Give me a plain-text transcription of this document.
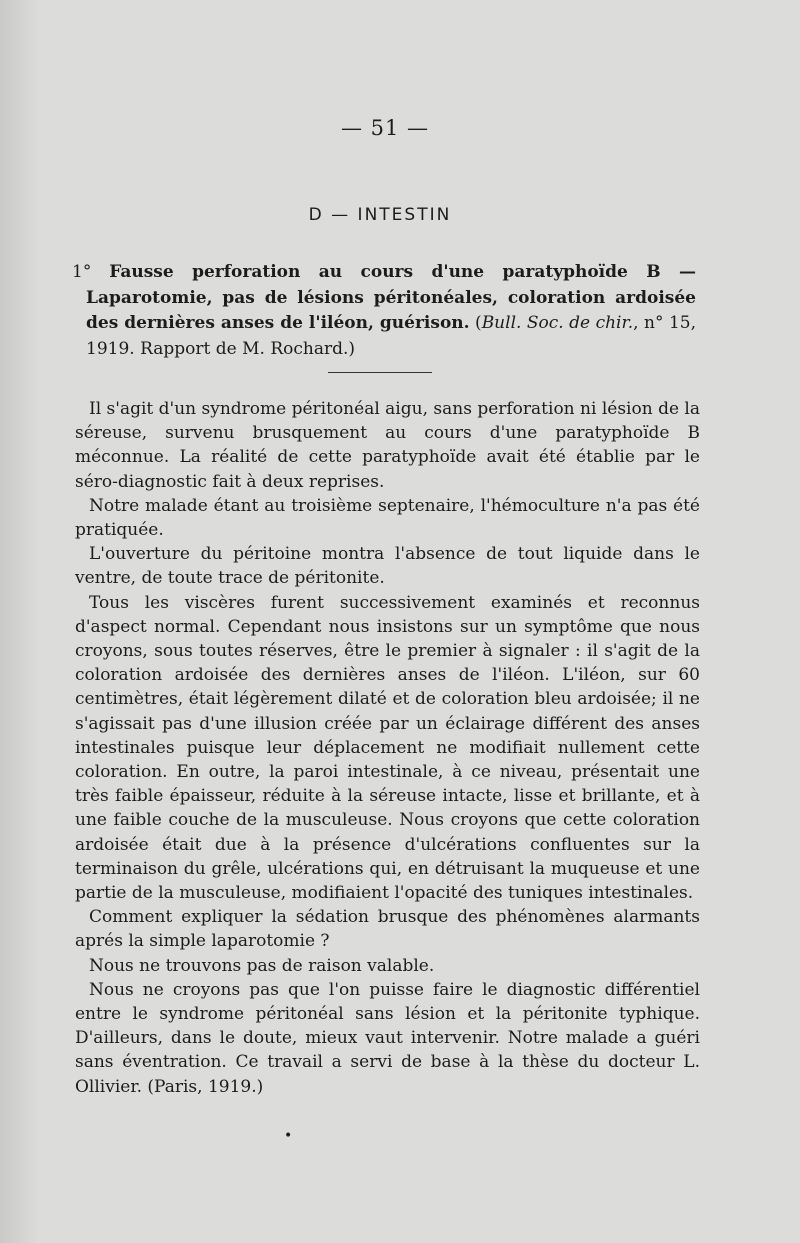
— 51 —
D — INTESTIN
1° Fausse perforation au cours d'une paratyphoïde B — Laparotomie, pas de lésions péritonéales, coloration ardoisée des dernières anses de l'iléon, guérison. (Bull. Soc. de chir., n° 15, 1919. Rapport de M. Rochard.)

Il s'agit d'un syndrome péritonéal aigu, sans perforation ni lésion de la séreuse, survenu brusquement au cours d'une paratyphoïde B méconnue. La réalité de cette paratyphoïde avait été établie par le séro-diagnostic fait à deux reprises.

Notre malade étant au troisième septenaire, l'hémoculture n'a pas été pratiquée.

L'ouverture du péritoine montra l'absence de tout liquide dans le ventre, de toute trace de péritonite.

Tous les viscères furent successivement examinés et reconnus d'aspect normal. Cependant nous insistons sur un symptôme que nous croyons, sous toutes réserves, être le premier à signaler : il s'agit de la coloration ardoisée des dernières anses de l'iléon. L'iléon, sur 60 centimètres, était légèrement dilaté et de coloration bleu ardoisée; il ne s'agissait pas d'une illusion créée par un éclairage différent des anses intestinales puisque leur déplacement ne modifiait nullement cette coloration. En outre, la paroi intestinale, à ce niveau, présentait une très faible épaisseur, réduite à la séreuse intacte, lisse et brillante, et à une faible couche de la musculeuse. Nous croyons que cette coloration ardoisée était due à la présence d'ulcérations confluentes sur la terminaison du grêle, ulcérations qui, en détruisant la muqueuse et une partie de la musculeuse, modifiaient l'opacité des tuniques intestinales.

Comment expliquer la sédation brusque des phénomènes alarmants aprés la simple laparotomie ?

Nous ne trouvons pas de raison valable.

Nous ne croyons pas que l'on puisse faire le diagnostic différentiel entre le syndrome péritonéal sans lésion et la péritonite typhique. D'ailleurs, dans le doute, mieux vaut intervenir. Notre malade a guéri sans éventration. Ce travail a servi de base à la thèse du docteur L. Ollivier. (Paris, 1919.)

•
